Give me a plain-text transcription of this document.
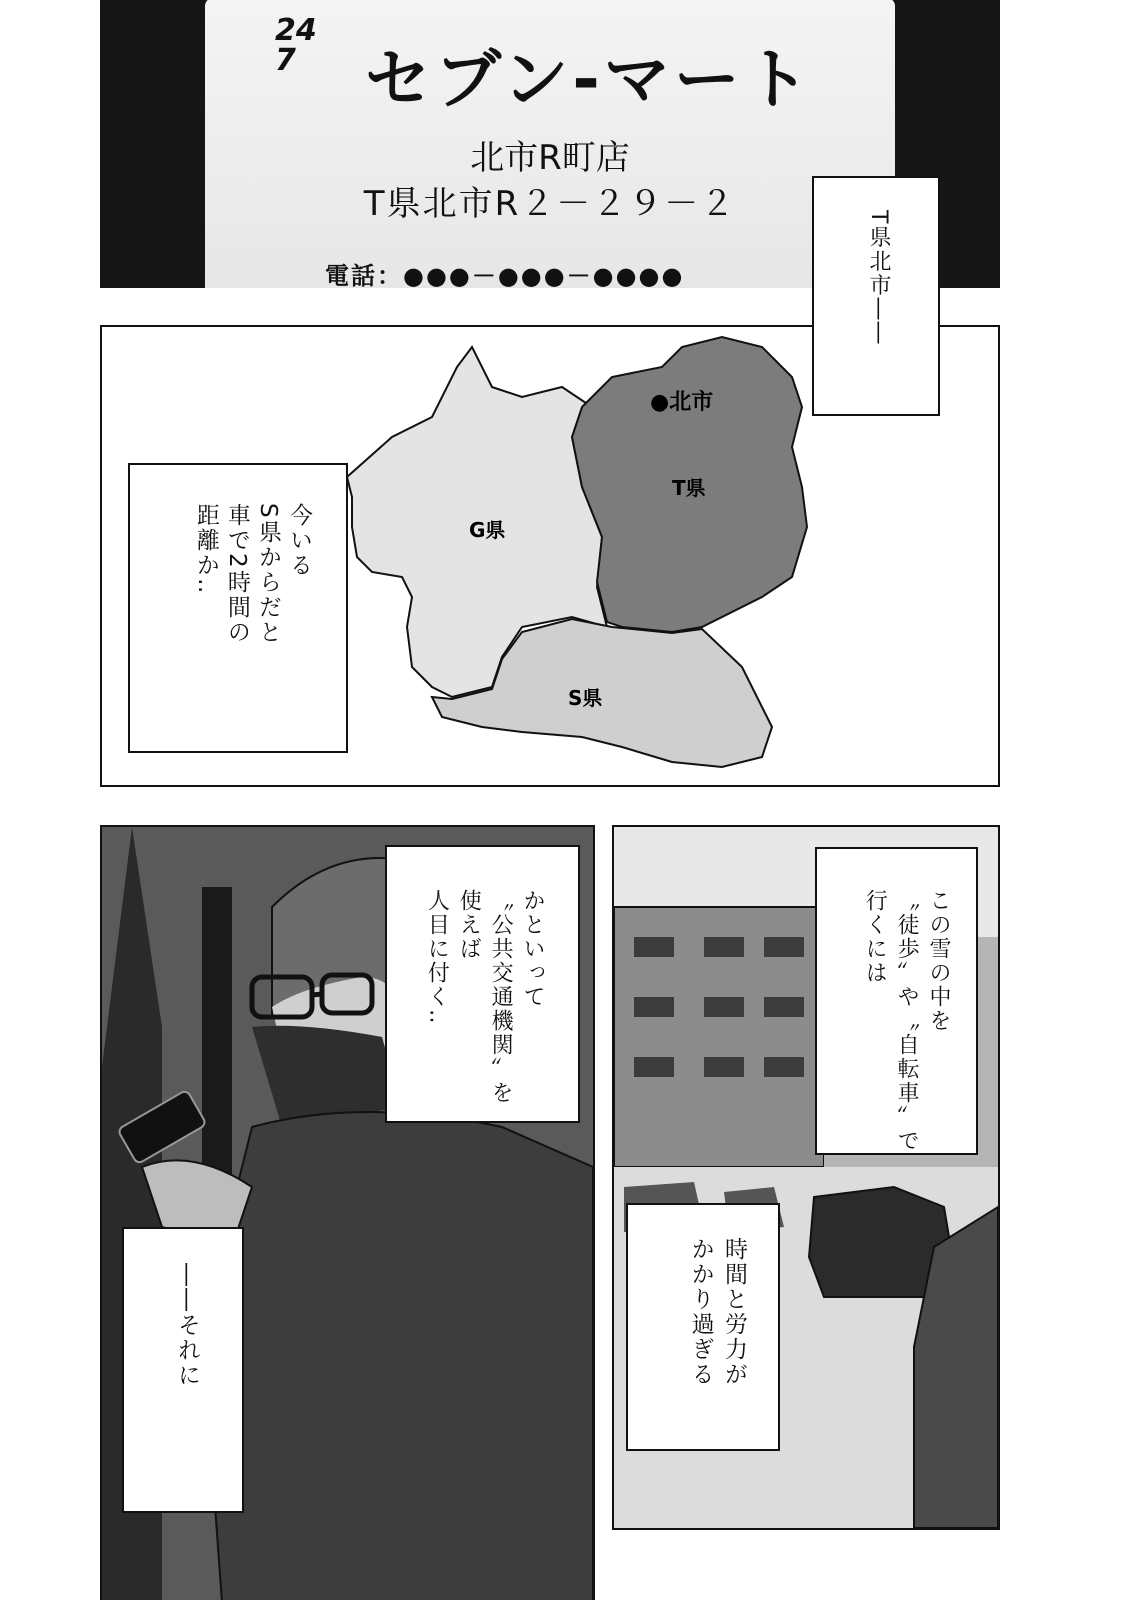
24
7	セブン-マート
北市R町店
T県北市R２－２９－２
電話：●●●－●●●－●●●●
●北市
T県
G県
S県
T県北市――
今いる
S県からだと
車で2時間の
距離か‥
かといって
〝公共交通機関〟を
使えば
人目に付く‥
――それに
この雪の中を
〝徒歩〟や〝自転車〟で
行くには
時間と労力が
かかり過ぎる
